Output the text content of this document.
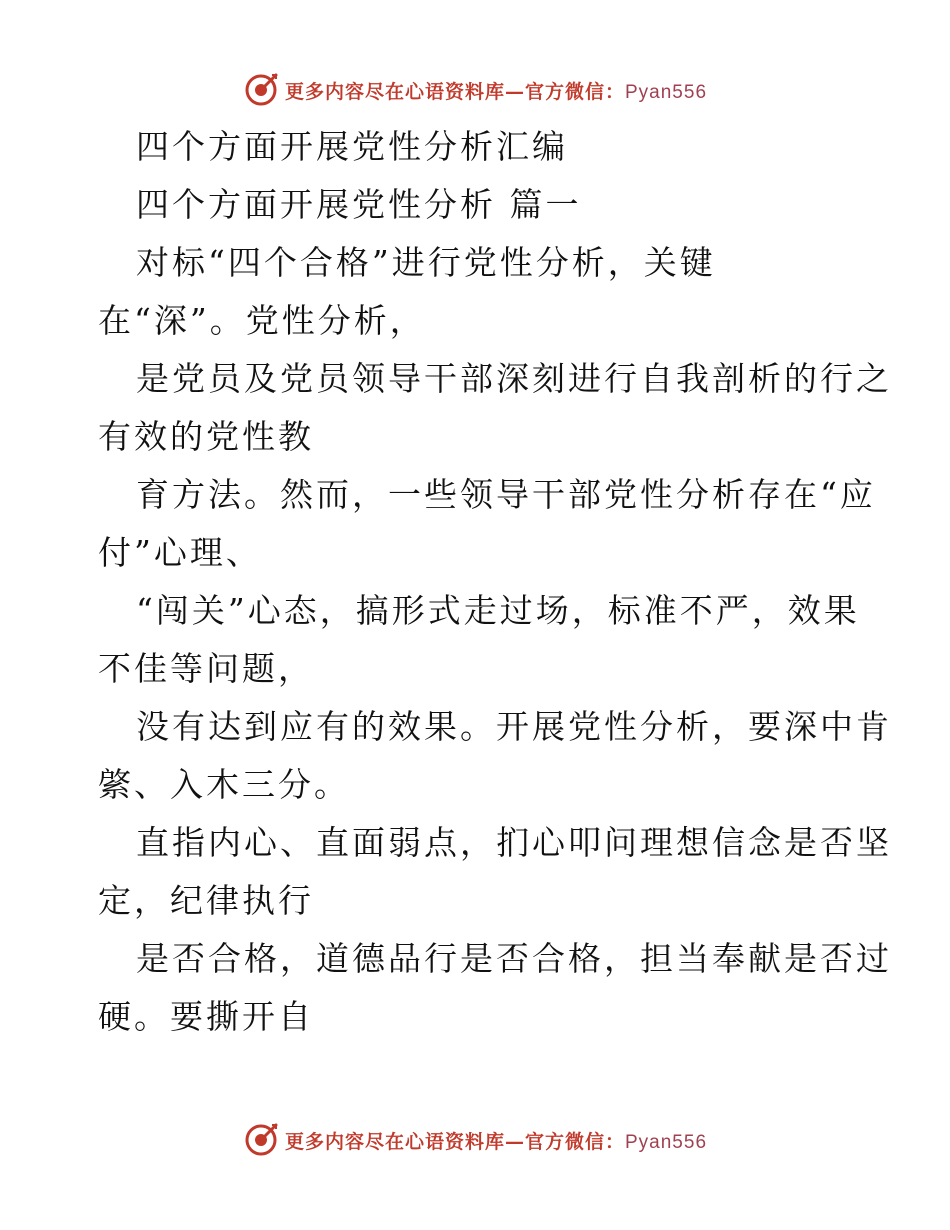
更多内容尽在心语资料库—官方微信：Pyan556
四个方面开展党性分析汇编
四个方面开展党性分析 篇一
对标“四个合格”进行党性分析，关键
在“深”。党性分析，
是党员及党员领导干部深刻进行自我剖析的行之
有效的党性教
育方法。然而，一些领导干部党性分析存在“应
付”心理、
“闯关”心态，搞形式走过场，标准不严，效果
不佳等问题，
没有达到应有的效果。开展党性分析，要深中肯
綮、入木三分。
直指内心、直面弱点，扪心叩问理想信念是否坚
定，纪律执行
是否合格，道德品行是否合格，担当奉献是否过
硬。要撕开自
更多内容尽在心语资料库—官方微信：Pyan556
